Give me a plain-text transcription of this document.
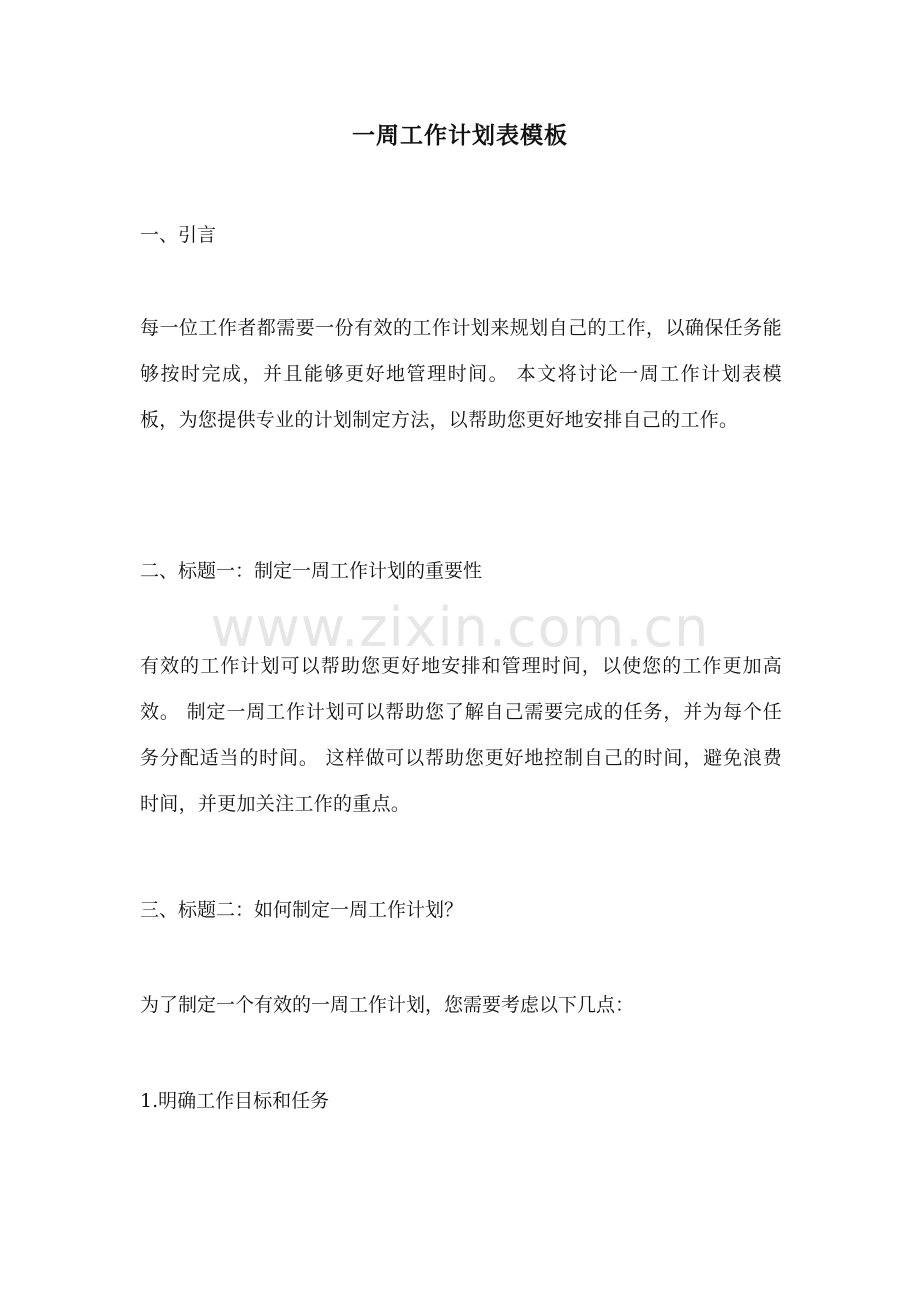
www.zixin.com.cn
一周工作计划表模板
一、引言
每一位工作者都需要一份有效的工作计划来规划自己的工作，以确保任务能够按时完成，并且能够更好地管理时间。 本文将讨论一周工作计划表模板，为您提供专业的计划制定方法，以帮助您更好地安排自己的工作。
二、标题一：制定一周工作计划的重要性
有效的工作计划可以帮助您更好地安排和管理时间，以使您的工作更加高效。 制定一周工作计划可以帮助您了解自己需要完成的任务，并为每个任务分配适当的时间。 这样做可以帮助您更好地控制自己的时间，避免浪费时间，并更加关注工作的重点。
三、标题二：如何制定一周工作计划？
为了制定一个有效的一周工作计划，您需要考虑以下几点：
1.明确工作目标和任务
